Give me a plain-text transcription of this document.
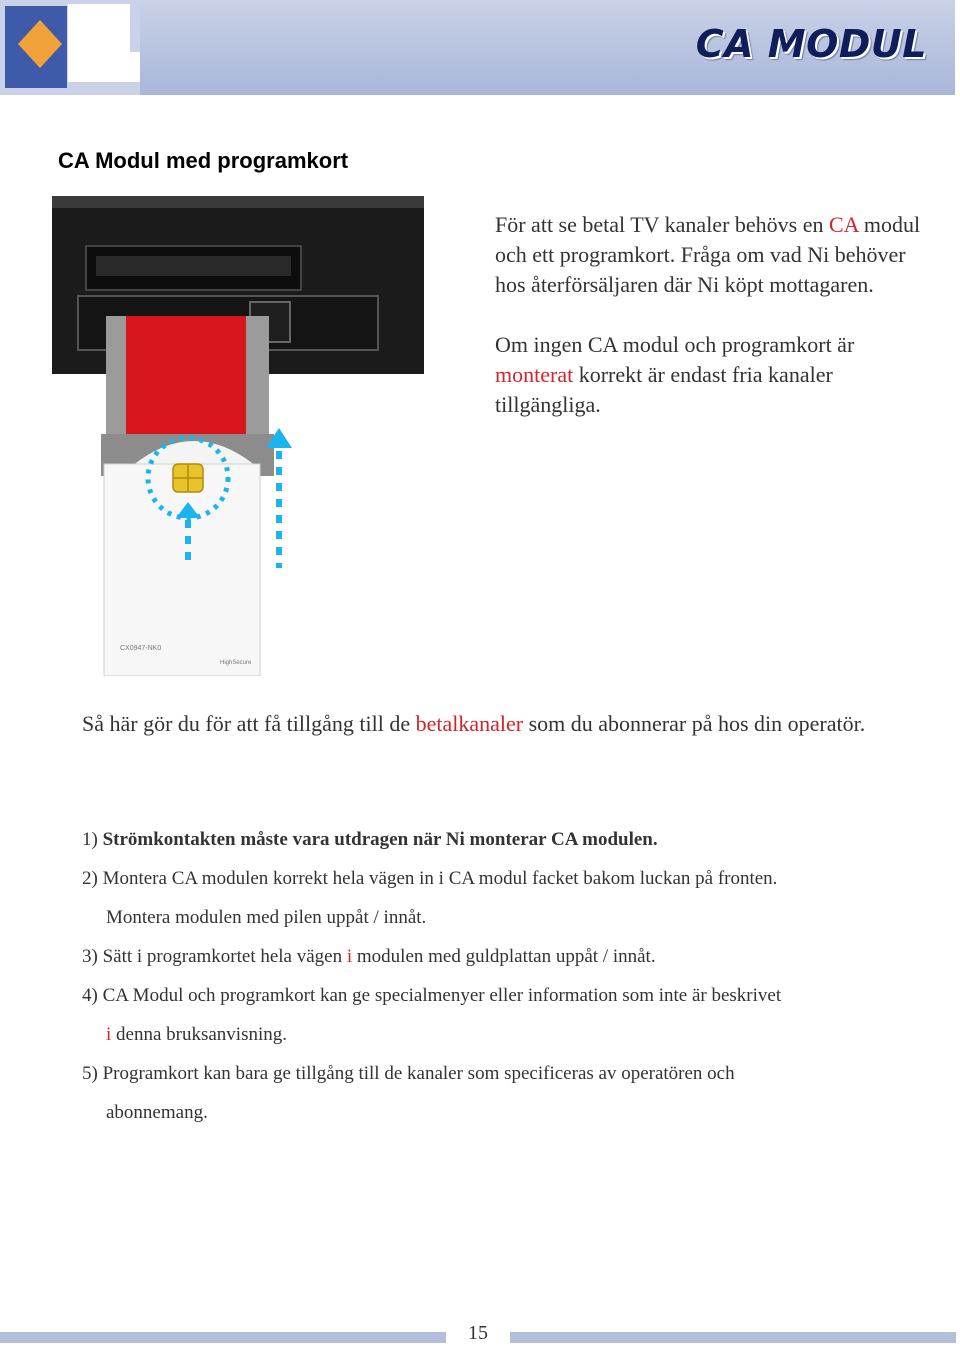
CA MODUL
CA Modul med programkort
CX0947-NK0
HighSecure

För att se betal TV kanaler behövs en CA modul och ett programkort. Fråga om vad Ni behöver hos återförsäljaren där Ni köpt mottagaren.

Om ingen CA modul och programkort är monterat korrekt är endast fria kanaler tillgängliga.

Så här gör du för att få tillgång till de betalkanaler som du abonnerar på hos din operatör.
1) Strömkontakten måste vara utdragen när Ni monterar CA modulen.
2) Montera CA modulen korrekt hela vägen in i CA modul facket bakom luckan på fronten.
Montera modulen med pilen uppåt / innåt.
3) Sätt i programkortet hela vägen i modulen med guldplattan uppåt / innåt.
4) CA Modul och programkort kan ge specialmenyer eller information som inte är beskrivet
i denna bruksanvisning.
5) Programkort kan bara ge tillgång till de kanaler som specificeras av operatören och
abonnemang.
15
